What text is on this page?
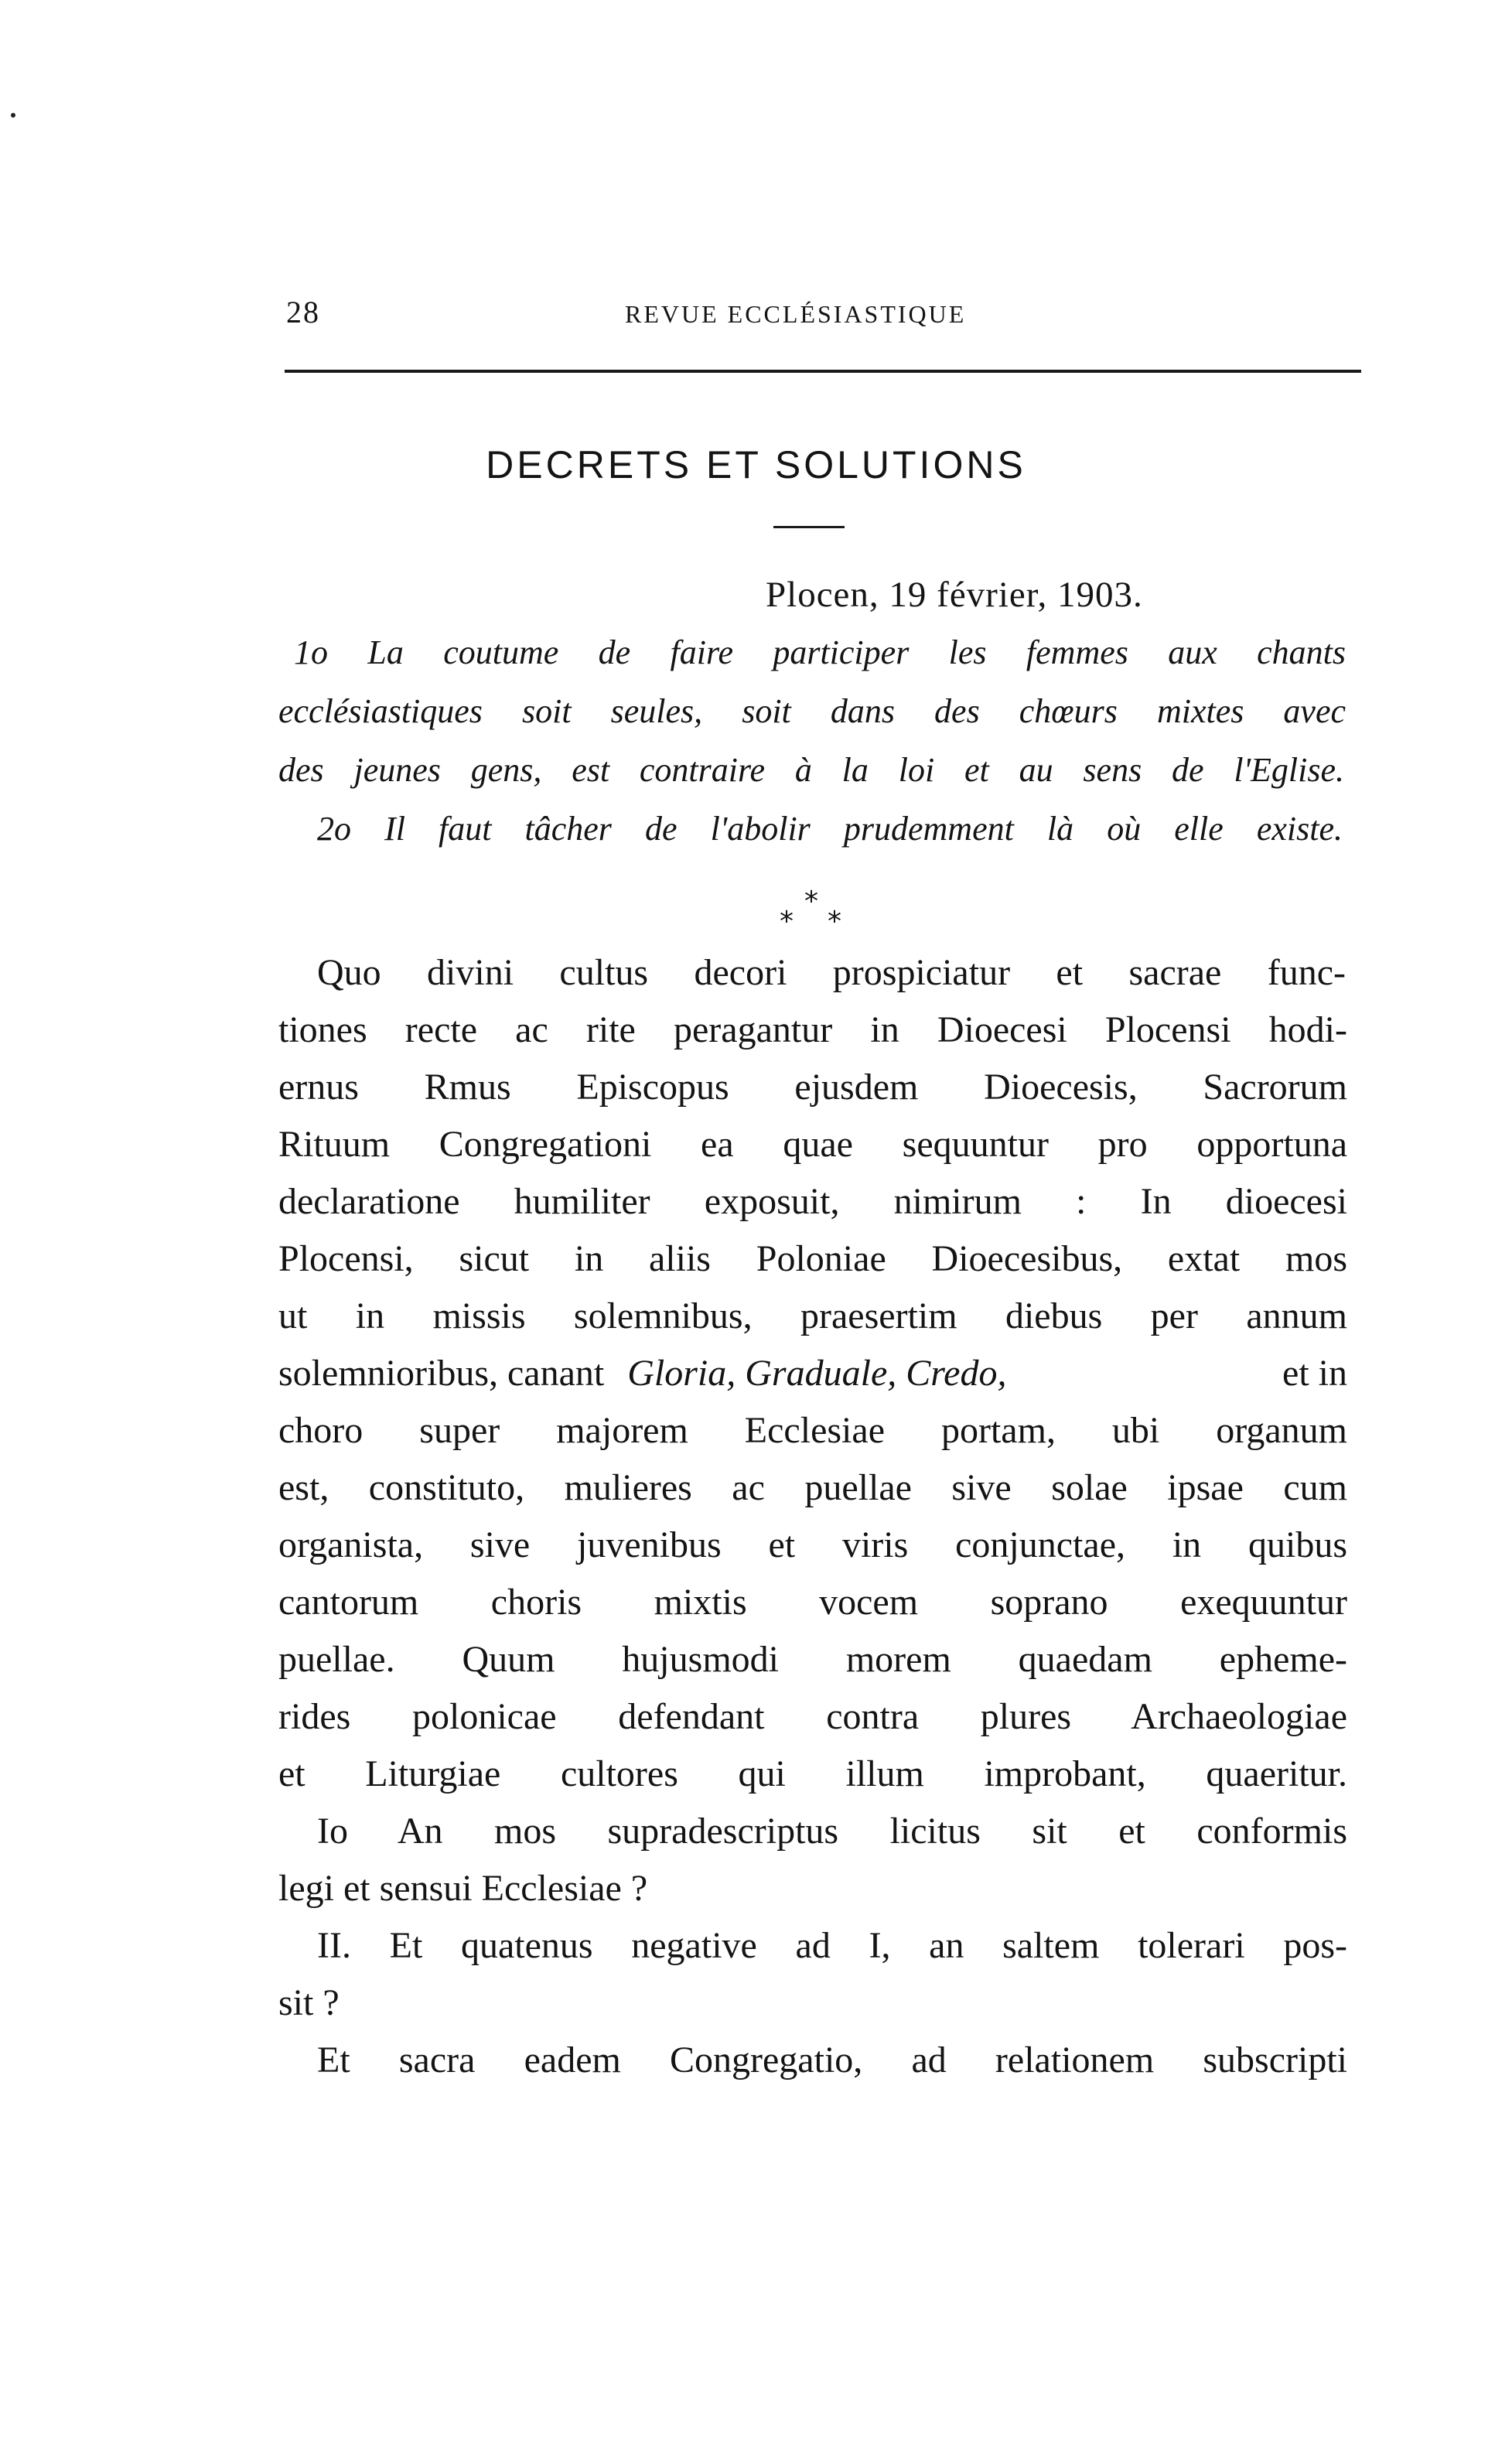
28	REVUE ECCLÉSIASTIQUE
DECRETS ET SOLUTIONS
Plocen, 19 février, 1903.
1o La coutume de faire participer les femmes aux chants
ecclésiastiques soit seules, soit dans des chœurs mixtes avec
des jeunes gens, est contraire à la loi et au sens de l'Eglise.
2o Il faut tâcher de l'abolir prudemment là où elle existe.
*
* *
Quo divini cultus decori prospiciatur et sacrae func-
tiones recte ac rite peragantur in Dioecesi Plocensi hodi-
ernus Rmus Episcopus ejusdem Dioecesis, Sacrorum
Rituum Congregationi ea quae sequuntur pro opportuna
declaratione humiliter exposuit, nimirum : In dioecesi
Plocensi, sicut in aliis Poloniae Dioecesibus, extat mos
ut in missis solemnibus, praesertim diebus per annum
solemnioribus, canant Gloria, Graduale, Credo,	et in
choro super majorem Ecclesiae portam, ubi organum
est, constituto, mulieres ac puellae sive solae ipsae cum
organista, sive juvenibus et viris conjunctae, in quibus
cantorum choris mixtis vocem soprano exequuntur
puellae. Quum hujusmodi morem quaedam epheme-
rides polonicae defendant contra plures Archaeologiae
et Liturgiae cultores qui illum improbant, quaeritur.
Io An mos supradescriptus licitus sit et conformis
legi et sensui Ecclesiae ?
II. Et quatenus negative ad I, an saltem tolerari pos-
sit ?
Et sacra eadem Congregatio, ad relationem subscripti
